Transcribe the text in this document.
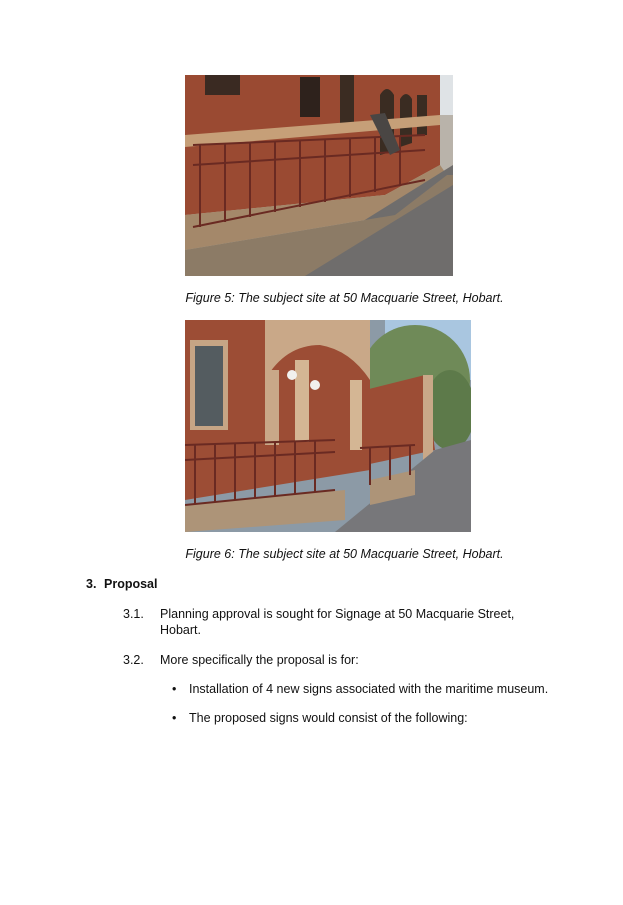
Figure 5: The subject site at 50 Macquarie Street, Hobart.
Figure 6: The subject site at 50 Macquarie Street, Hobart.
3. Proposal
3.1. Planning approval is sought for Signage at 50 Macquarie Street,
Hobart.
3.2. More specifically the proposal is for:
• Installation of 4 new signs associated with the maritime museum.
• The proposed signs would consist of the following:
